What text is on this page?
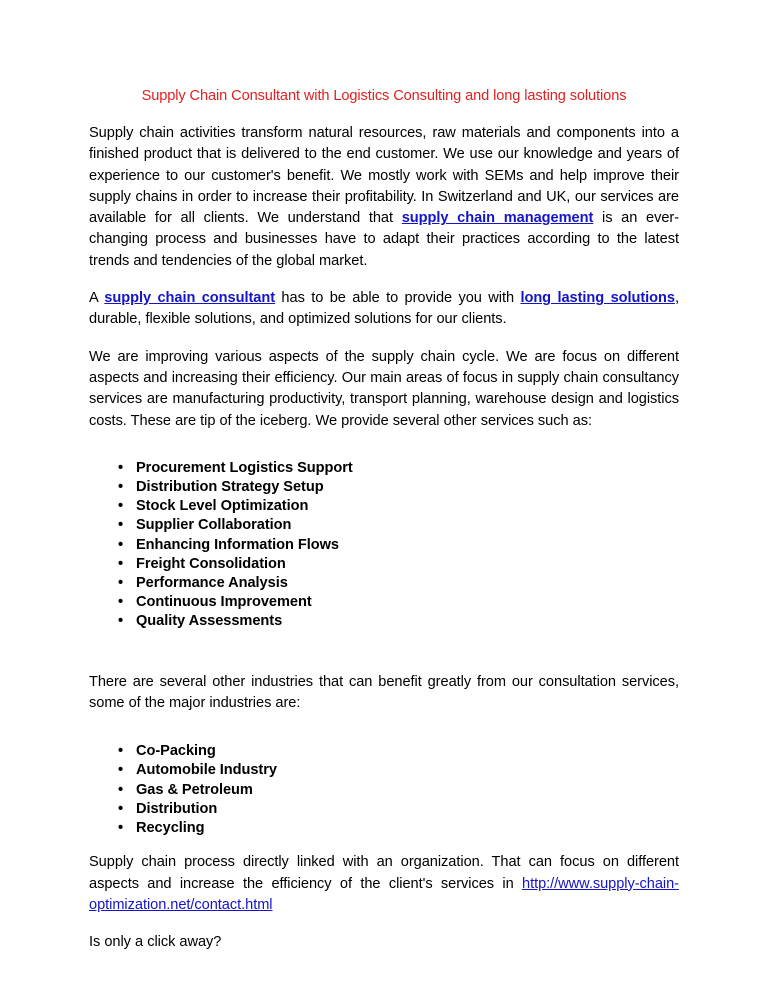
Supply Chain Consultant with Logistics Consulting and long lasting solutions

Supply chain activities transform natural resources, raw materials and components into a finished product that is delivered to the end customer. We use our knowledge and years of experience to our customer's benefit. We mostly work with SEMs and help improve their supply chains in order to increase their profitability. In Switzerland and UK, our services are available for all clients. We understand that supply chain management is an ever-changing process and businesses have to adapt their practices according to the latest trends and tendencies of the global market.

A supply chain consultant has to be able to provide you with long lasting solutions, durable, flexible solutions, and optimized solutions for our clients.

We are improving various aspects of the supply chain cycle. We are focus on different aspects and increasing their efficiency. Our main areas of focus in supply chain consultancy services are manufacturing productivity, transport planning, warehouse design and logistics costs. These are tip of the iceberg. We provide several other services such as:

• Procurement Logistics Support
• Distribution Strategy Setup
• Stock Level Optimization
• Supplier Collaboration
• Enhancing Information Flows
• Freight Consolidation
• Performance Analysis
• Continuous Improvement
• Quality Assessments

There are several other industries that can benefit greatly from our consultation services, some of the major industries are:

• Co-Packing
• Automobile Industry
• Gas & Petroleum
• Distribution
• Recycling

Supply chain process directly linked with an organization. That can focus on different aspects and increase the efficiency of the client's services in http://www.supply-chain-optimization.net/contact.html

Is only a click away?
